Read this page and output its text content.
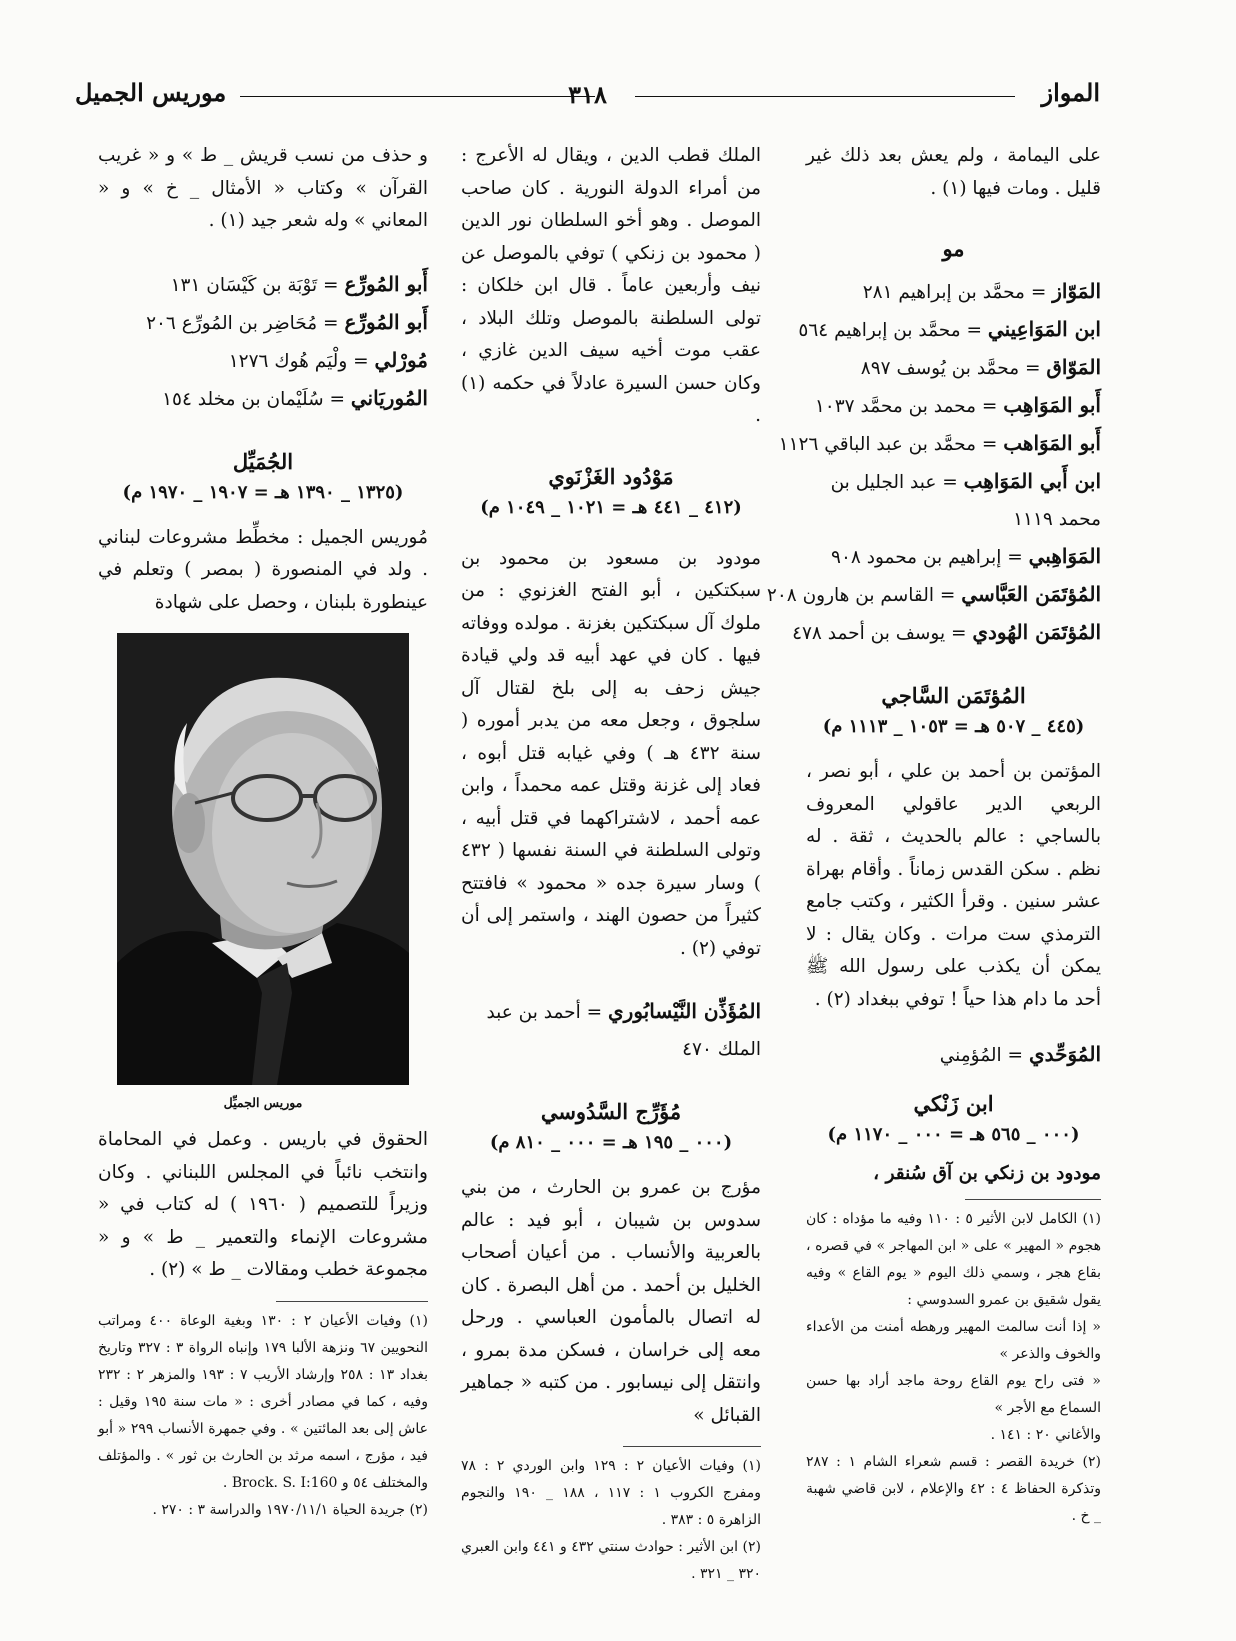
المواز
٣١٨
موريس الجميل

على اليمامة ، ولم يعش بعد ذلك غير قليل . ومات فيها (١) .

مو

المَوّاز = محمَّد بن إبراهيم ٢٨١

ابن المَوَاعِيني = محمَّد بن إبراهيم ٥٦٤

المَوّاق = محمَّد بن يُوسف ٨٩٧

أَبو المَوَاهِب = محمد بن محمَّد ١٠٣٧

أَبو المَوَاهب = محمَّد بن عبد الباقي ١١٢٦

ابن أَبي المَوَاهِب = عبد الجليل بن محمد ١١١٩

المَوَاهِبي = إبراهيم بن محمود ٩٠٨

المُؤتَمَن العَبَّاسي = القاسم بن هارون ٢٠٨

المُؤتَمَن الهُودي = يوسف بن أحمد ٤٧٨

المُؤتَمَن السَّاجي

(٤٤٥ _ ٥٠٧ هـ = ١٠٥٣ _ ١١١٣ م)

المؤتمن بن أحمد بن علي ، أبو نصر ، الربعي الدير عاقولي المعروف بالساجي : عالم بالحديث ، ثقة . له نظم . سكن القدس زماناً . وأقام بهراة عشر سنين . وقرأ الكثير ، وكتب جامع الترمذي ست مرات . وكان يقال : لا يمكن أن يكذب على رسول الله ﷺ أحد ما دام هذا حياً ! توفي ببغداد (٢) .

المُوَحِّدي = المُؤمِني

ابن زَنْكي

(٠٠٠ _ ٥٦٥ هـ = ٠٠٠ _ ١١٧٠ م)

مودود بن زنكي بن آق سُنقر ،

(١) الكامل لابن الأثير ٥ : ١١٠ وفيه ما مؤداه : كان هجوم « المهير » على « ابن المهاجر » في قصره ، بقاع هجر ، وسمي ذلك اليوم « يوم القاع » وفيه يقول شقيق بن عمرو السدوسي :

« إذا أنت سالمت المهير ورهطه أمنت من الأعداء والخوف والذعر »

« فتى راح يوم القاع روحة ماجد أراد بها حسن السماع مع الأجر »

والأغاني ٢٠ : ١٤١ .

(٢) خريدة القصر : قسم شعراء الشام ١ : ٢٨٧ وتذكرة الحفاظ ٤ : ٤٢ والإعلام ، لابن قاضي شهبة _ خ .

الملك قطب الدين ، ويقال له الأعرج : من أمراء الدولة النورية . كان صاحب الموصل . وهو أخو السلطان نور الدين ( محمود بن زنكي ) توفي بالموصل عن نيف وأربعين عاماً . قال ابن خلكان : تولى السلطنة بالموصل وتلك البلاد ، عقب موت أخيه سيف الدين غازي ، وكان حسن السيرة عادلاً في حكمه (١) .

مَوْدُود الغَزْنَوي

(٤١٢ _ ٤٤١ هـ = ١٠٢١ _ ١٠٤٩ م)

مودود بن مسعود بن محمود بن سبكتكين ، أبو الفتح الغزنوي : من ملوك آل سبكتكين بغزنة . مولده ووفاته فيها . كان في عهد أبيه قد ولي قيادة جيش زحف به إلى بلخ لقتال آل سلجوق ، وجعل معه من يدبر أموره ( سنة ٤٣٢ هـ ) وفي غيابه قتل أبوه ، فعاد إلى غزنة وقتل عمه محمداً ، وابن عمه أحمد ، لاشتراكهما في قتل أبيه ، وتولى السلطنة في السنة نفسها ( ٤٣٢ ) وسار سيرة جده « محمود » فافتتح كثيراً من حصون الهند ، واستمر إلى أن توفي (٢) .

المُؤَذِّن النَّيْسابُوري = أحمد بن عبد الملك ٤٧٠

مُؤَرِّج السَّدُوسي

(٠٠٠ _ ١٩٥ هـ = ٠٠٠ _ ٨١٠ م)

مؤرج بن عمرو بن الحارث ، من بني سدوس بن شيبان ، أبو فيد : عالم بالعربية والأنساب . من أعيان أصحاب الخليل بن أحمد . من أهل البصرة . كان له اتصال بالمأمون العباسي . ورحل معه إلى خراسان ، فسكن مدة بمرو ، وانتقل إلى نيسابور . من كتبه « جماهير القبائل »

(١) وفيات الأعيان ٢ : ١٢٩ وابن الوردي ٢ : ٧٨ ومفرج الكروب ١ : ١١٧ ، ١٨٨ _ ١٩٠ والنجوم الزاهرة ٥ : ٣٨٣ .

(٢) ابن الأثير : حوادث سنتي ٤٣٢ و ٤٤١ وابن العبري ٣٢٠ _ ٣٢١ .

و حذف من نسب قريش _ ط » و « غريب القرآن » وكتاب « الأمثال _ خ » و « المعاني » وله شعر جيد (١) .

أَبو المُورِّع = تَوْبَة بن كَيْسَان ١٣١

أَبو المُورِّع = مُحَاضِر بن المُورِّع ٢٠٦

مُورْلي = ولْيَم هُوك ١٢٧٦

المُوريَاني = سُلَيْمان بن مخلد ١٥٤

الجُمَيِّل

(١٣٢٥ _ ١٣٩٠ هـ = ١٩٠٧ _ ١٩٧٠ م)

مُوريس الجميل : مخطِّط مشروعات لبناني . ولد في المنصورة ( بمصر ) وتعلم في عينطورة بلبنان ، وحصل على شهادة

موريس الجميِّل

الحقوق في باريس . وعمل في المحاماة وانتخب نائباً في المجلس اللبناني . وكان وزيراً للتصميم ( ١٩٦٠ ) له كتاب في « مشروعات الإنماء والتعمير _ ط » و « مجموعة خطب ومقالات _ ط » (٢) .

(١) وفيات الأعيان ٢ : ١٣٠ وبغية الوعاة ٤٠٠ ومراتب النحويين ٦٧ ونزهة الألبا ١٧٩ وإنباه الرواة ٣ : ٣٢٧ وتاريخ بغداد ١٣ : ٢٥٨ وإرشاد الأريب ٧ : ١٩٣ والمزهر ٢ : ٢٣٢ وفيه ، كما في مصادر أخرى : « مات سنة ١٩٥ وقيل : عاش إلى بعد المائتين » . وفي جمهرة الأنساب ٢٩٩ « أبو فيد ، مؤرج ، اسمه مرثد بن الحارث بن ثور » . والمؤتلف والمختلف ٥٤ و Brock. S. I:160 .

(٢) جريدة الحياة ١٩٧٠/١١/١ والدراسة ٣ : ٢٧٠ .
